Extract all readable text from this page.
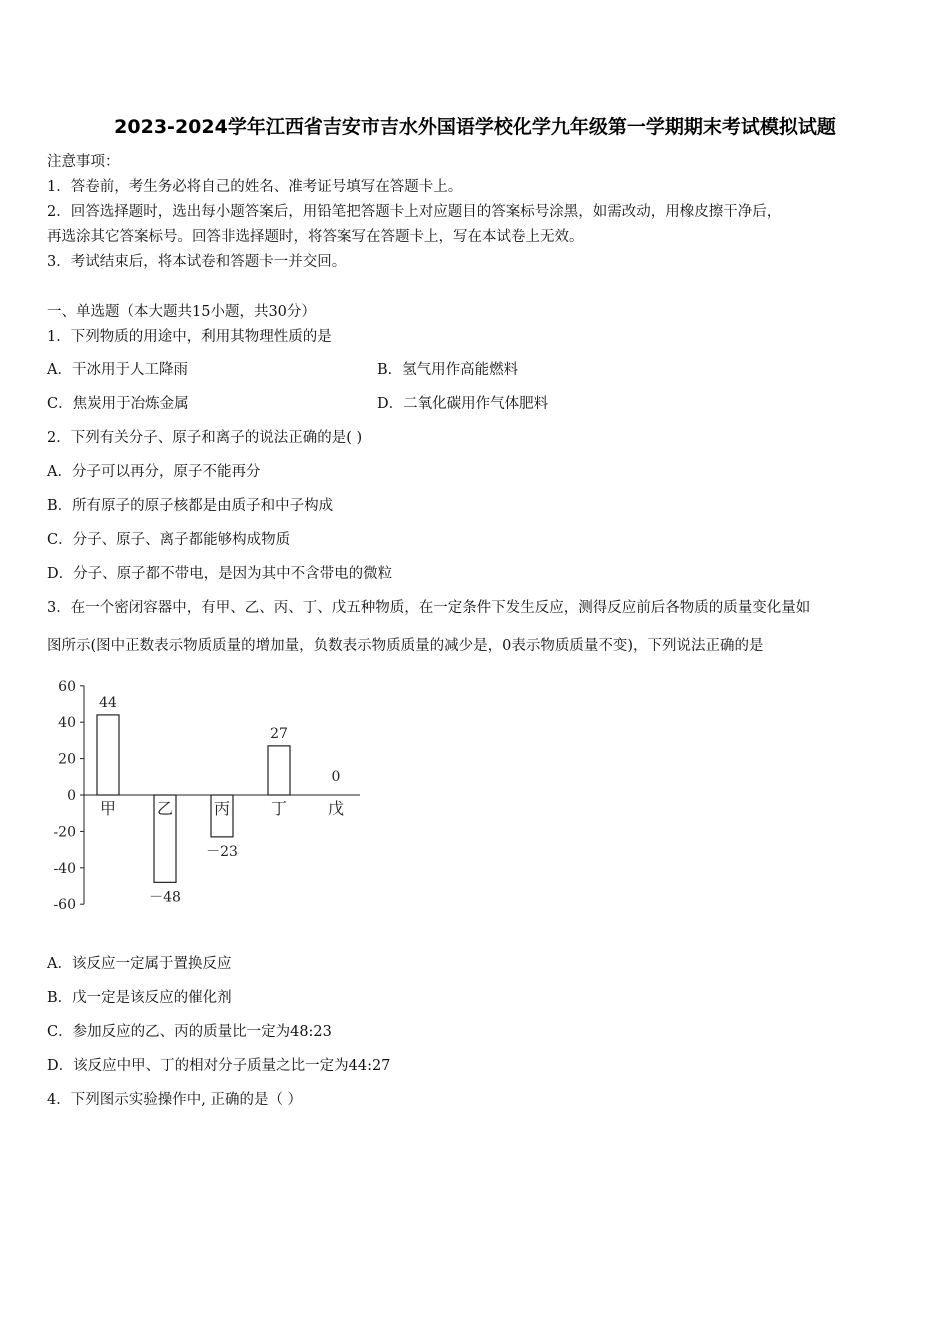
2023-2024学年江西省吉安市吉水外国语学校化学九年级第一学期期末考试模拟试题
注意事项：
1．答卷前，考生务必将自己的姓名、准考证号填写在答题卡上。
2．回答选择题时，选出每小题答案后，用铅笔把答题卡上对应题目的答案标号涂黑，如需改动，用橡皮擦干净后，
再选涂其它答案标号。回答非选择题时，将答案写在答题卡上，写在本试卷上无效。
3．考试结束后，将本试卷和答题卡一并交回。
一、单选题（本大题共15小题，共30分）
1．下列物质的用途中，利用其物理性质的是
A．干冰用于人工降雨	B．氢气用作高能燃料
C．焦炭用于冶炼金属	D．二氧化碳用作气体肥料
2．下列有关分子、原子和离子的说法正确的是( )
A．分子可以再分，原子不能再分
B．所有原子的原子核都是由质子和中子构成
C．分子、原子、离子都能够构成物质
D．分子、原子都不带电，是因为其中不含带电的微粒
3．在一个密闭容器中，有甲、乙、丙、丁、戊五种物质，在一定条件下发生反应，测得反应前后各物质的质量变化量如
图所示(图中正数表示物质质量的增加量，负数表示物质质量的减少是，0表示物质质量不变)，下列说法正确的是
60
40
20
0
-20
-40
-60
甲	乙	丙	丁	戊
44
－48
－23
27
0
A．该反应一定属于置换反应
B．戊一定是该反应的催化剂
C．参加反应的乙、丙的质量比一定为48:23
D．该反应中甲、丁的相对分子质量之比一定为44:27
4．下列图示实验操作中, 正确的是（ ）
